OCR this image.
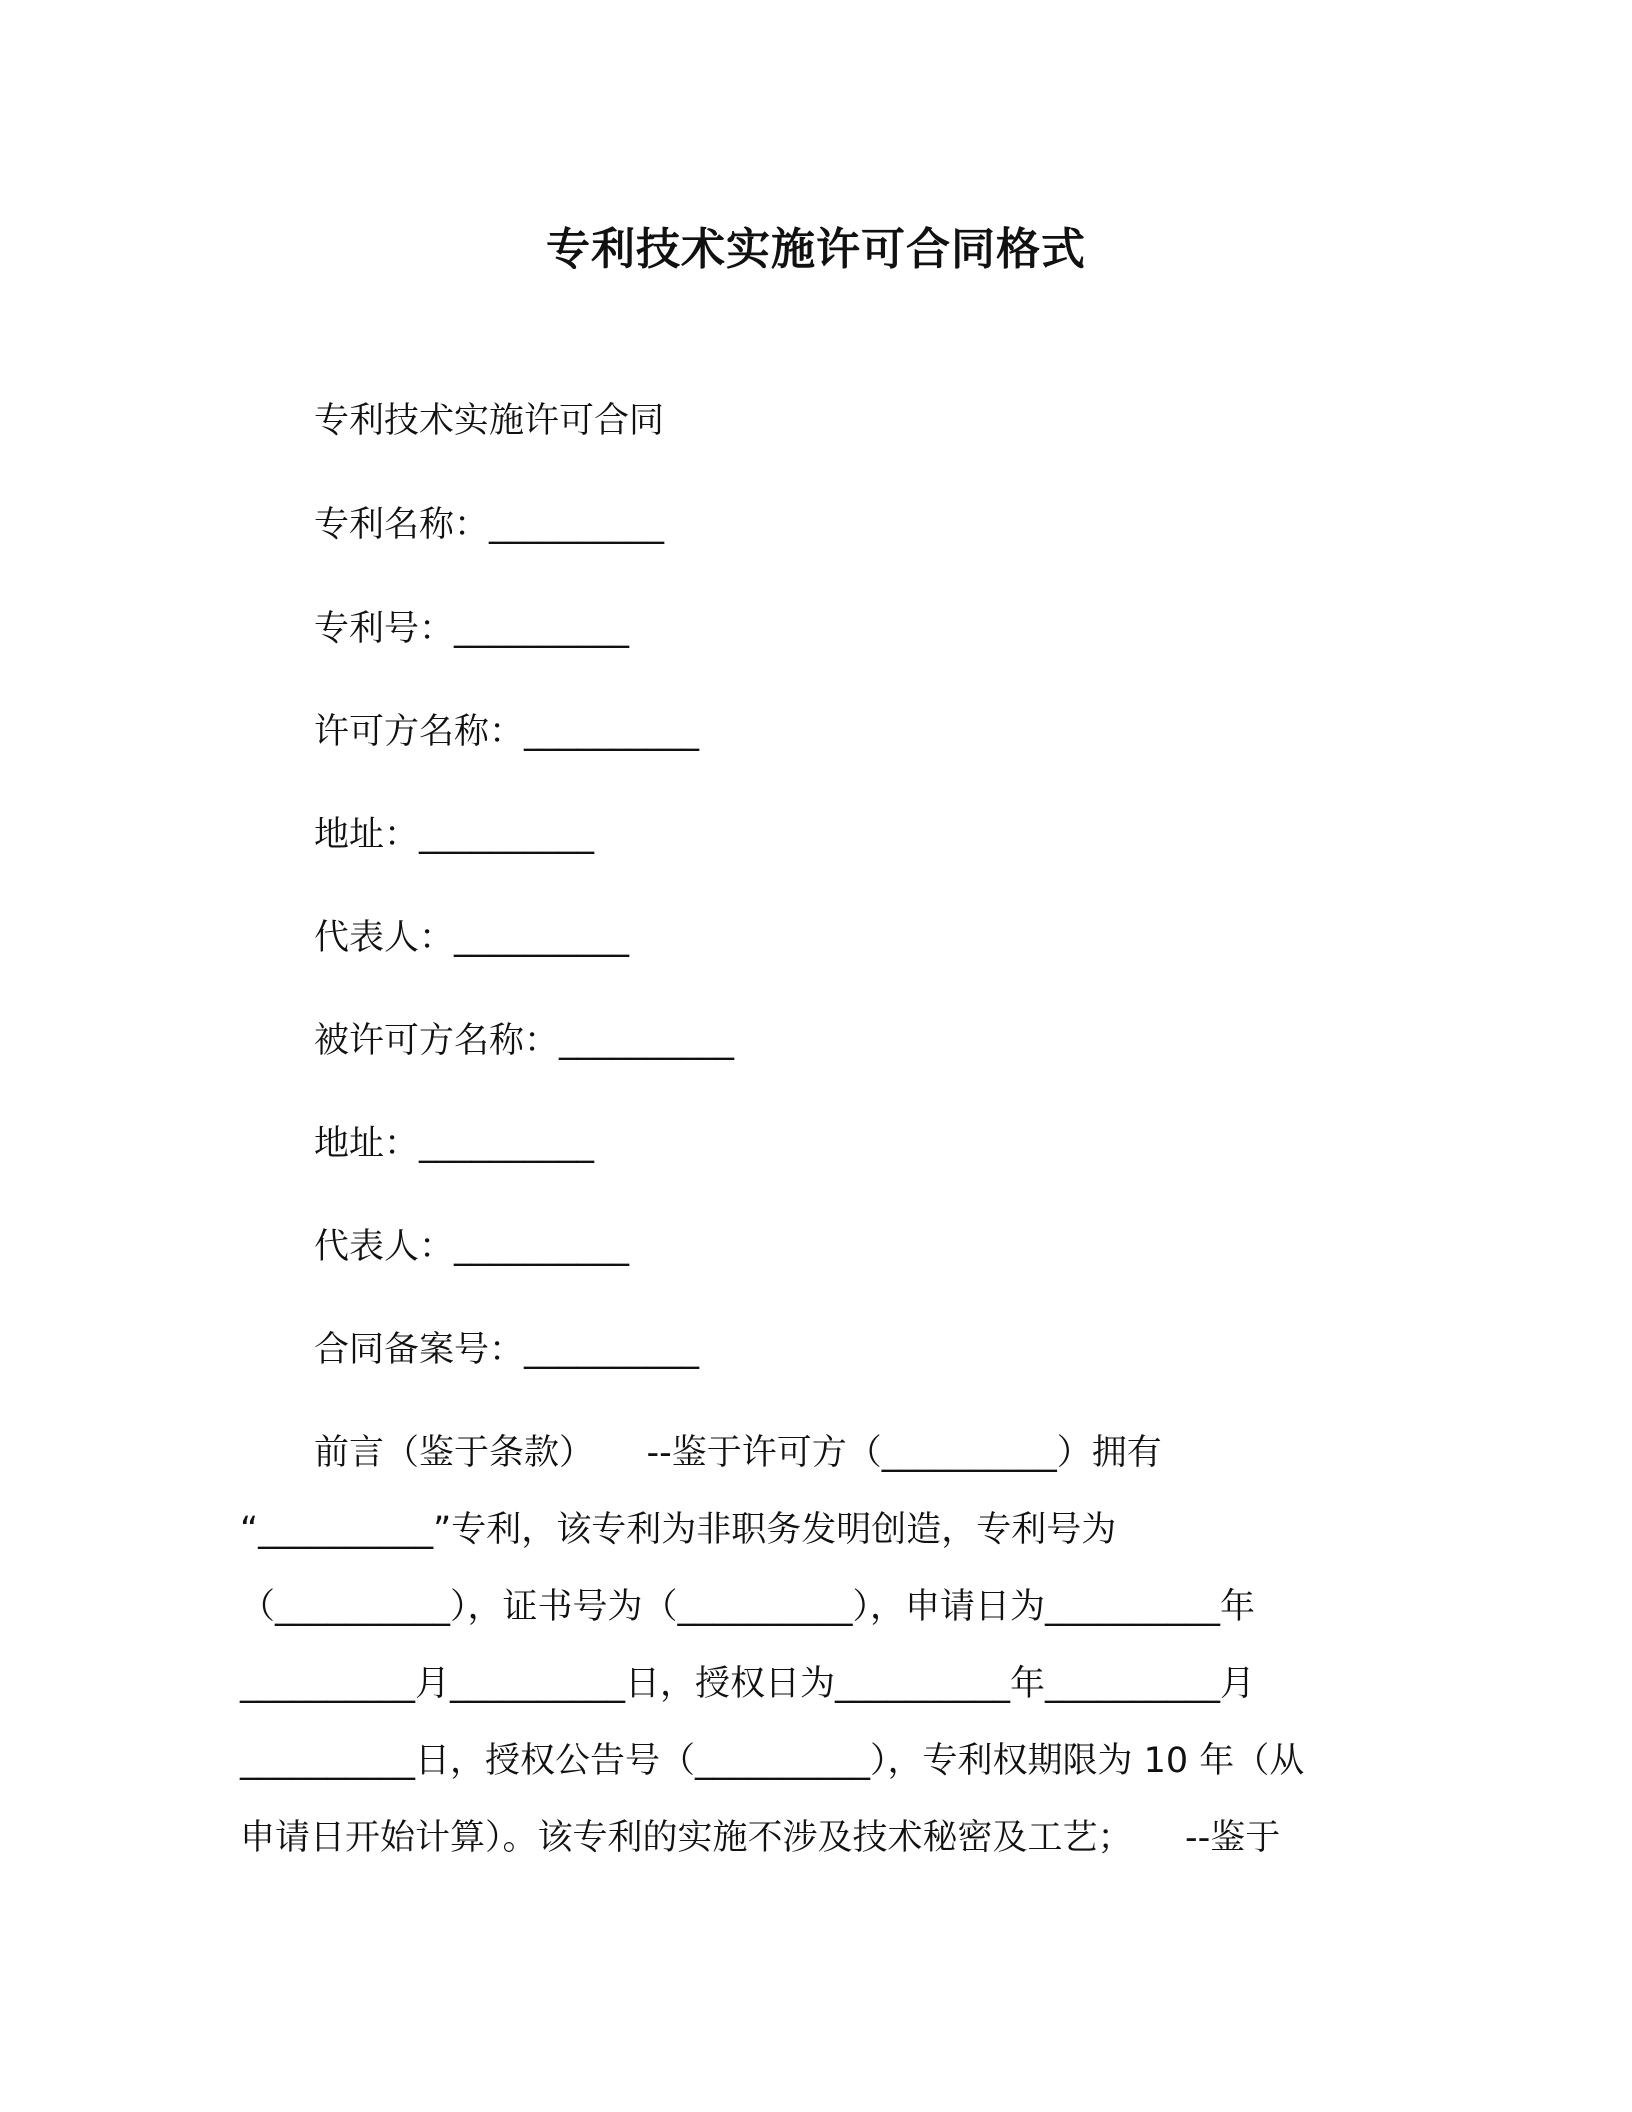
专利技术实施许可合同格式
专利技术实施许可合同
专利名称：__________
专利号：__________
许可方名称：__________
地址：__________
代表人：__________
被许可方名称：__________
地址：__________
代表人：__________
合同备案号：__________
前言（鉴于条款）　　--鉴于许可方（__________）拥有
“__________”专利，该专利为非职务发明创造，专利号为
（__________），证书号为（__________），申请日为__________年
__________月__________日，授权日为__________年__________月
__________日，授权公告号（__________），专利权期限为 10 年（从
申请日开始计算）。该专利的实施不涉及技术秘密及工艺；　　--鉴于
